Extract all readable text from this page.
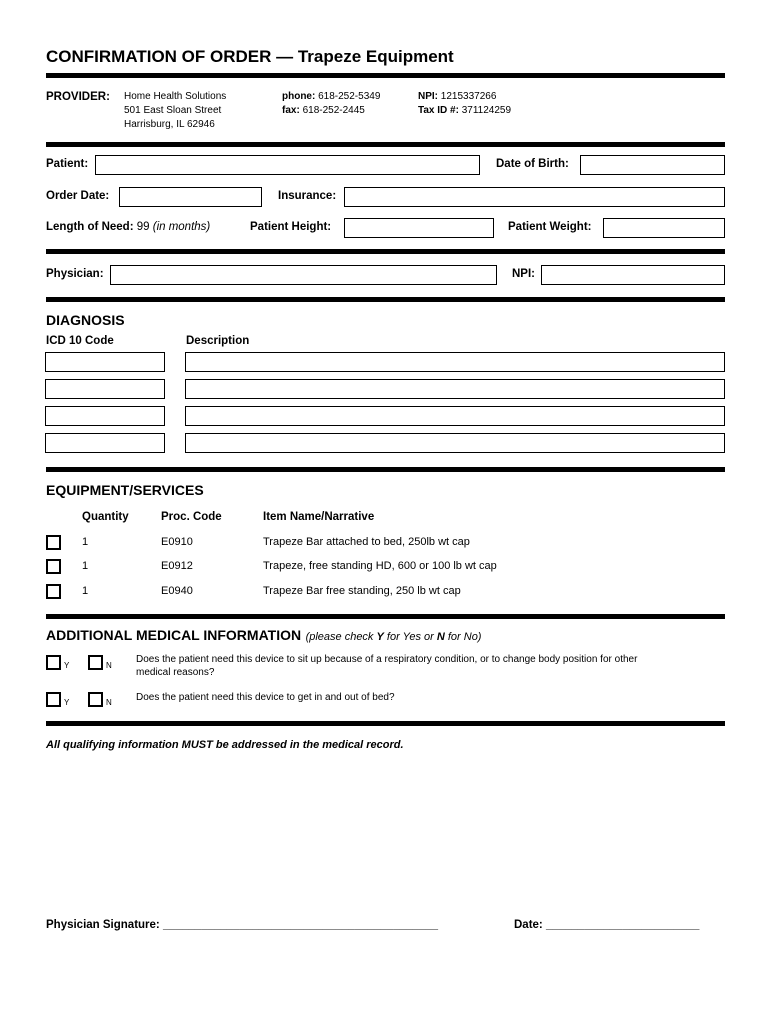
CONFIRMATION OF ORDER — Trapeze Equipment
PROVIDER: Home Health Solutions
501 East Sloan Street
Harrisburg, IL 62946
phone: 618-252-5349
fax: 618-252-2445
NPI: 1215337266
Tax ID #: 371124259
Patient:	Date of Birth:
Order Date:	Insurance:
Length of Need: 99 (in months)	Patient Height:	Patient Weight:
Physician:	NPI:
DIAGNOSIS
ICD 10 Code	Description
EQUIPMENT/SERVICES
Quantity	Proc. Code	Item Name/Narrative
1	E0910	Trapeze Bar attached to bed, 250lb wt cap
1	E0912	Trapeze, free standing HD, 600 or 100 lb wt cap
1	E0940	Trapeze Bar free standing, 250 lb wt cap
ADDITIONAL MEDICAL INFORMATION (please check Y for Yes or N for No)
Y	N
Does the patient need this device to sit up because of a respiratory condition, or to change body position for other
medical reasons?
Y	N Does the patient need this device to get in and out of bed?
All qualifying information MUST be addressed in the medical record.
Physician Signature: ___________________________________________	Date: ________________________
